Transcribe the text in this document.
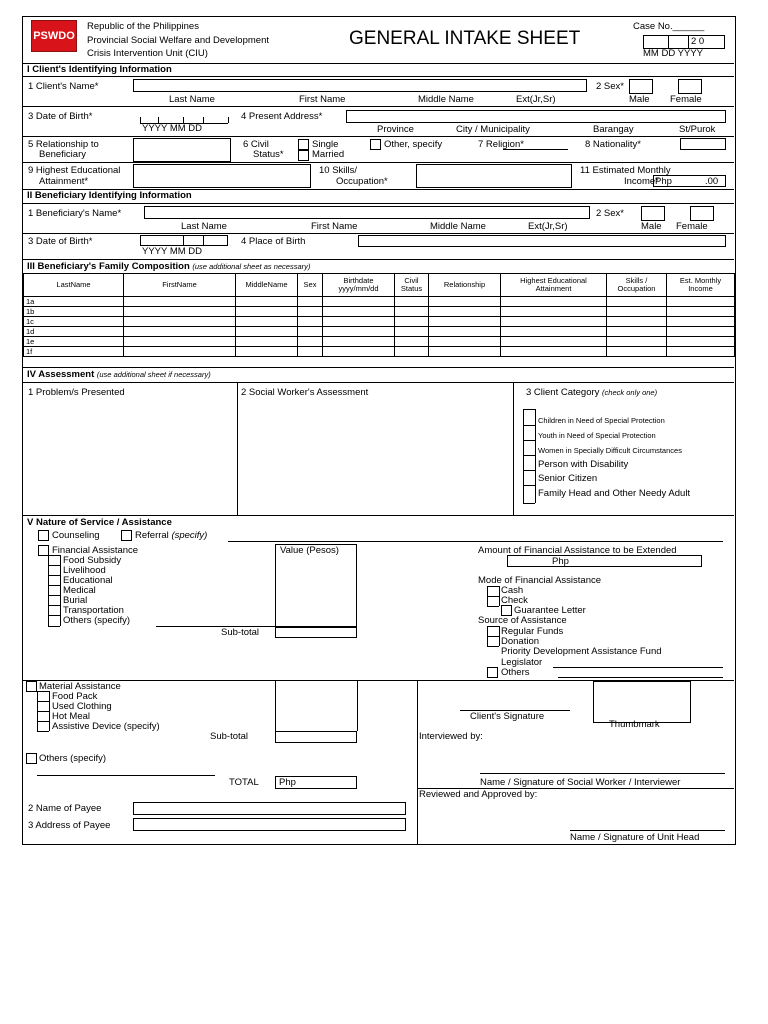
PSWDO
Republic of the Philippines
Provincial Social Welfare and Development
Crisis Intervention Unit (CIU)
GENERAL INTAKE SHEET
Case No.______
2 0
MM DD YYYY
I Client's Identifying Information
1 Client's Name*
Last Name	First Name	Middle Name	Ext(Jr,Sr)
2 Sex*
Male Female
3 Date of Birth*
YYYY MM DD
4 Present Address*
Province	City / Municipality	Barangay	St/Purok
5 Relationship to
Beneficiary
6 Civil
Status*
Single
Married
Other, specify	7 Religion*	8 Nationality*
9 Highest Educational
Attainment*
10 Skills/
Occupation*
11 Estimated Monthly
Income*
Php	.00
II Beneficiary Identifying Information
1 Beneficiary's Name*
Last Name	First Name	Middle Name	Ext(Jr,Sr)
2 Sex*
Male Female
3 Date of Birth*
YYYY MM DD
4 Place of Birth
III Beneficiary's Family Composition (use additional sheet as necessary)
LastName	FirstName	MiddleName	Sex	Birthdate yyyy/mm/dd	Civil Status	Relationship	Highest Educational Attainment	Skills / Occupation	Est. Monthly Income
1a									
1b									
1c									
1d									
1e									
1f									
IV Assessment (use additional sheet if necessary)
1 Problem/s Presented	2 Social Worker's Assessment	3 Client Category (check only one)
Children in Need of Special Protection
Youth in Need of Special Protection
Women in Specially Difficult Circumstances
Person with Disability
Senior Citizen
Family Head and Other Needy Adult
V Nature of Service / Assistance
Counseling	Referral (specify)
Financial Assistance
Food Subsidy
Livelihood
Educational
Medical
Burial
Transportation
Others (specify)
Value (Pesos)
Sub-total
Amount of Financial Assistance to be Extended
Php
Mode of Financial Assistance
Cash
Check
Guarantee Letter
Source of Assistance
Regular Funds
Donation
Priority Development Assistance Fund
Legislator
Others
Material Assistance
Food Pack
Used Clothing
Hot Meal
Assistive Device (specify)
Sub-total
Client's Signature
Thumbmark
Interviewed by:
Others (specify)
TOTAL Php	Name / Signature of Social Worker / Interviewer
Reviewed and Approved by:
2 Name of Payee
3 Address of Payee
Name / Signature of Unit Head
